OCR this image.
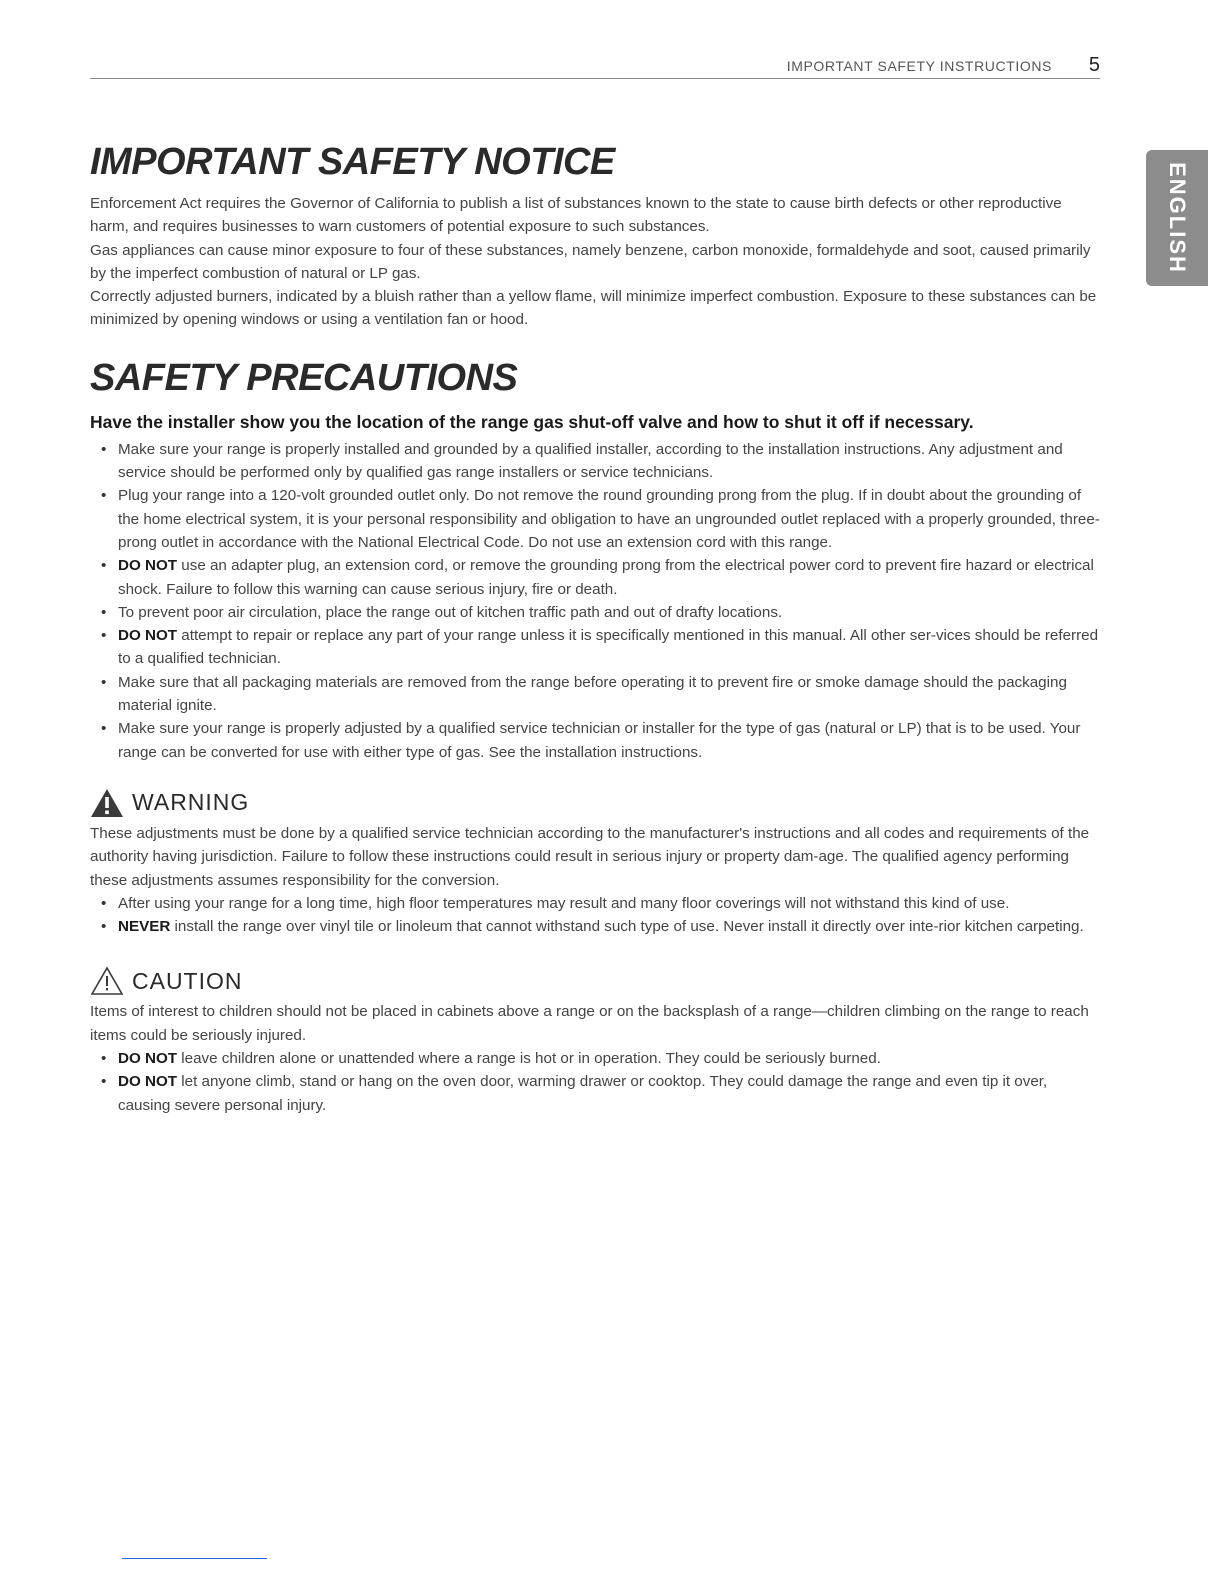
IMPORTANT SAFETY INSTRUCTIONS 5
ENGLISH
IMPORTANT SAFETY NOTICE

Enforcement Act requires the Governor of California to publish a list of substances known to the state to cause birth defects or other reproductive harm, and requires businesses to warn customers of potential exposure to such substances.

Gas appliances can cause minor exposure to four of these substances, namely benzene, carbon monoxide, formaldehyde and soot, caused primarily by the imperfect combustion of natural or LP gas.

Correctly adjusted burners, indicated by a bluish rather than a yellow flame, will minimize imperfect combustion. Exposure to these substances can be minimized by opening windows or using a ventilation fan or hood.

SAFETY PRECAUTIONS
Have the installer show you the location of the range gas shut-off valve and how to shut it off if necessary.
• Make sure your range is properly installed and grounded by a qualified installer, according to the installation instructions. Any adjustment and service should be performed only by qualified gas range installers or service technicians.
• Plug your range into a 120-volt grounded outlet only. Do not remove the round grounding prong from the plug. If in doubt about the grounding of the home electrical system, it is your personal responsibility and obligation to have an ungrounded outlet replaced with a properly grounded, three-prong outlet in accordance with the National Electrical Code. Do not use an extension cord with this range.
• DO NOT use an adapter plug, an extension cord, or remove the grounding prong from the electrical power cord to prevent fire hazard or electrical shock. Failure to follow this warning can cause serious injury, fire or death.
• To prevent poor air circulation, place the range out of kitchen traffic path and out of drafty locations.
• DO NOT attempt to repair or replace any part of your range unless it is specifically mentioned in this manual. All other ser-vices should be referred to a qualified technician.
• Make sure that all packaging materials are removed from the range before operating it to prevent fire or smoke damage should the packaging material ignite.
• Make sure your range is properly adjusted by a qualified service technician or installer for the type of gas (natural or LP) that is to be used. Your range can be converted for use with either type of gas. See the installation instructions.
WARNING

These adjustments must be done by a qualified service technician according to the manufacturer's instructions and all codes and requirements of the authority having jurisdiction. Failure to follow these instructions could result in serious injury or property dam-age. The qualified agency performing these adjustments assumes responsibility for the conversion.

• After using your range for a long time, high floor temperatures may result and many floor coverings will not withstand this kind of use.
• NEVER install the range over vinyl tile or linoleum that cannot withstand such type of use. Never install it directly over inte-rior kitchen carpeting.
CAUTION

Items of interest to children should not be placed in cabinets above a range or on the backsplash of a range—children climbing on the range to reach items could be seriously injured.

• DO NOT leave children alone or unattended where a range is hot or in operation. They could be seriously burned.
• DO NOT let anyone climb, stand or hang on the oven door, warming drawer or cooktop. They could damage the range and even tip it over, causing severe personal injury.
